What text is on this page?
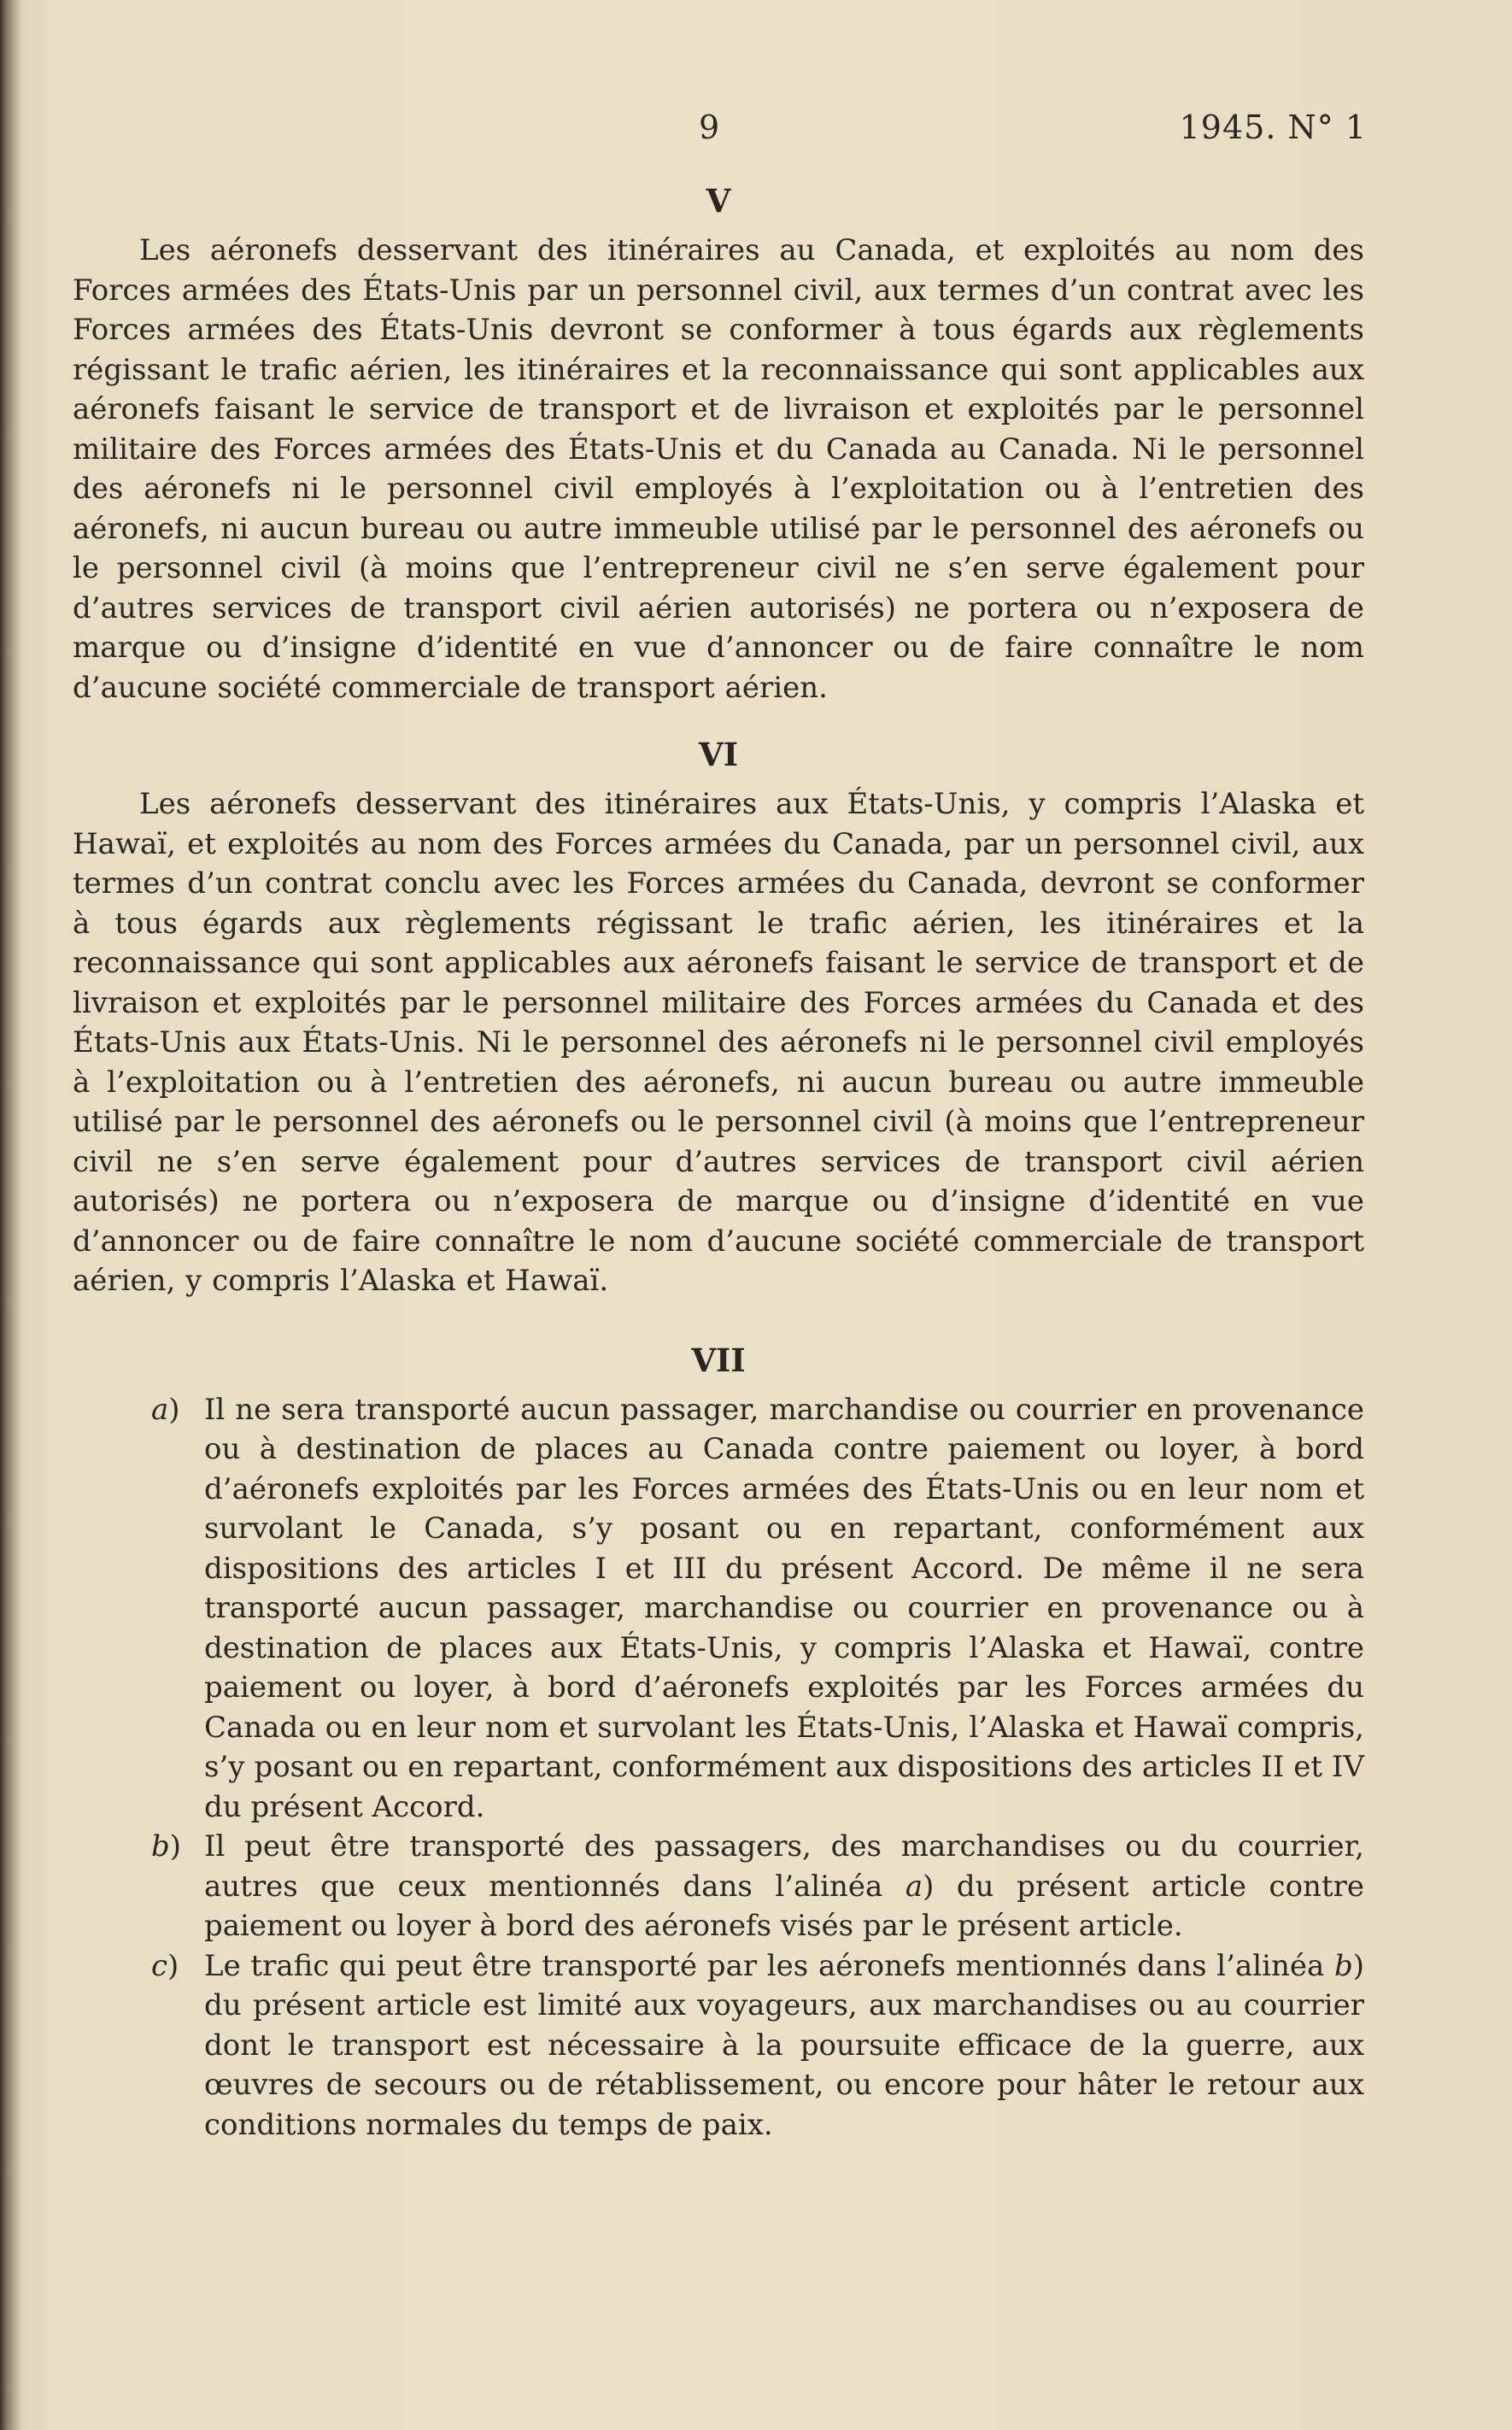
9	1945. N° 1
V

Les aéronefs desservant des itinéraires au Canada, et exploités au nom des Forces armées des États-Unis par un personnel civil, aux termes d’un contrat avec les Forces armées des États-Unis devront se conformer à tous égards aux règlements régissant le trafic aérien, les itinéraires et la reconnaissance qui sont applicables aux aéronefs faisant le service de transport et de livraison et exploités par le personnel militaire des Forces armées des États-Unis et du Canada au Canada. Ni le personnel des aéronefs ni le personnel civil employés à l’exploitation ou à l’entretien des aéronefs, ni aucun bureau ou autre immeuble utilisé par le personnel des aéronefs ou le personnel civil (à moins que l’entrepreneur civil ne s’en serve également pour d’autres services de transport civil aérien autorisés) ne portera ou n’exposera de marque ou d’insigne d’identité en vue d’annoncer ou de faire connaître le nom d’aucune société commerciale de transport aérien.

VI

Les aéronefs desservant des itinéraires aux États-Unis, y compris l’Alaska et Hawaï, et exploités au nom des Forces armées du Canada, par un personnel civil, aux termes d’un contrat conclu avec les Forces armées du Canada, devront se conformer à tous égards aux règlements régissant le trafic aérien, les itinéraires et la reconnaissance qui sont applicables aux aéronefs faisant le service de transport et de livraison et exploités par le personnel militaire des Forces armées du Canada et des États-Unis aux États-Unis. Ni le personnel des aéronefs ni le personnel civil employés à l’exploitation ou à l’entretien des aéronefs, ni aucun bureau ou autre immeuble utilisé par le personnel des aéronefs ou le personnel civil (à moins que l’entrepreneur civil ne s’en serve également pour d’autres services de transport civil aérien autorisés) ne portera ou n’exposera de marque ou d’insigne d’identité en vue d’annoncer ou de faire connaître le nom d’aucune société commerciale de transport aérien, y compris l’Alaska et Hawaï.

VII
a) Il ne sera transporté aucun passager, marchandise ou courrier en provenance ou à destination de places au Canada contre paiement ou loyer, à bord d’aéronefs exploités par les Forces armées des États-Unis ou en leur nom et survolant le Canada, s’y posant ou en repartant, conformément aux dispositions des articles I et III du présent Accord. De même il ne sera transporté aucun passager, marchandise ou courrier en provenance ou à destination de places aux États-Unis, y compris l’Alaska et Hawaï, contre paiement ou loyer, à bord d’aéronefs exploités par les Forces armées du Canada ou en leur nom et survolant les États-Unis, l’Alaska et Hawaï compris, s’y posant ou en repartant, conformément aux dispositions des articles II et IV du présent Accord.
b) Il peut être transporté des passagers, des marchandises ou du courrier, autres que ceux mentionnés dans l’alinéa a) du présent article contre paiement ou loyer à bord des aéronefs visés par le présent article.
c) Le trafic qui peut être transporté par les aéronefs mentionnés dans l’alinéa b) du présent article est limité aux voyageurs, aux marchandises ou au courrier dont le transport est nécessaire à la poursuite efficace de la guerre, aux œuvres de secours ou de rétablissement, ou encore pour hâter le retour aux conditions normales du temps de paix.
